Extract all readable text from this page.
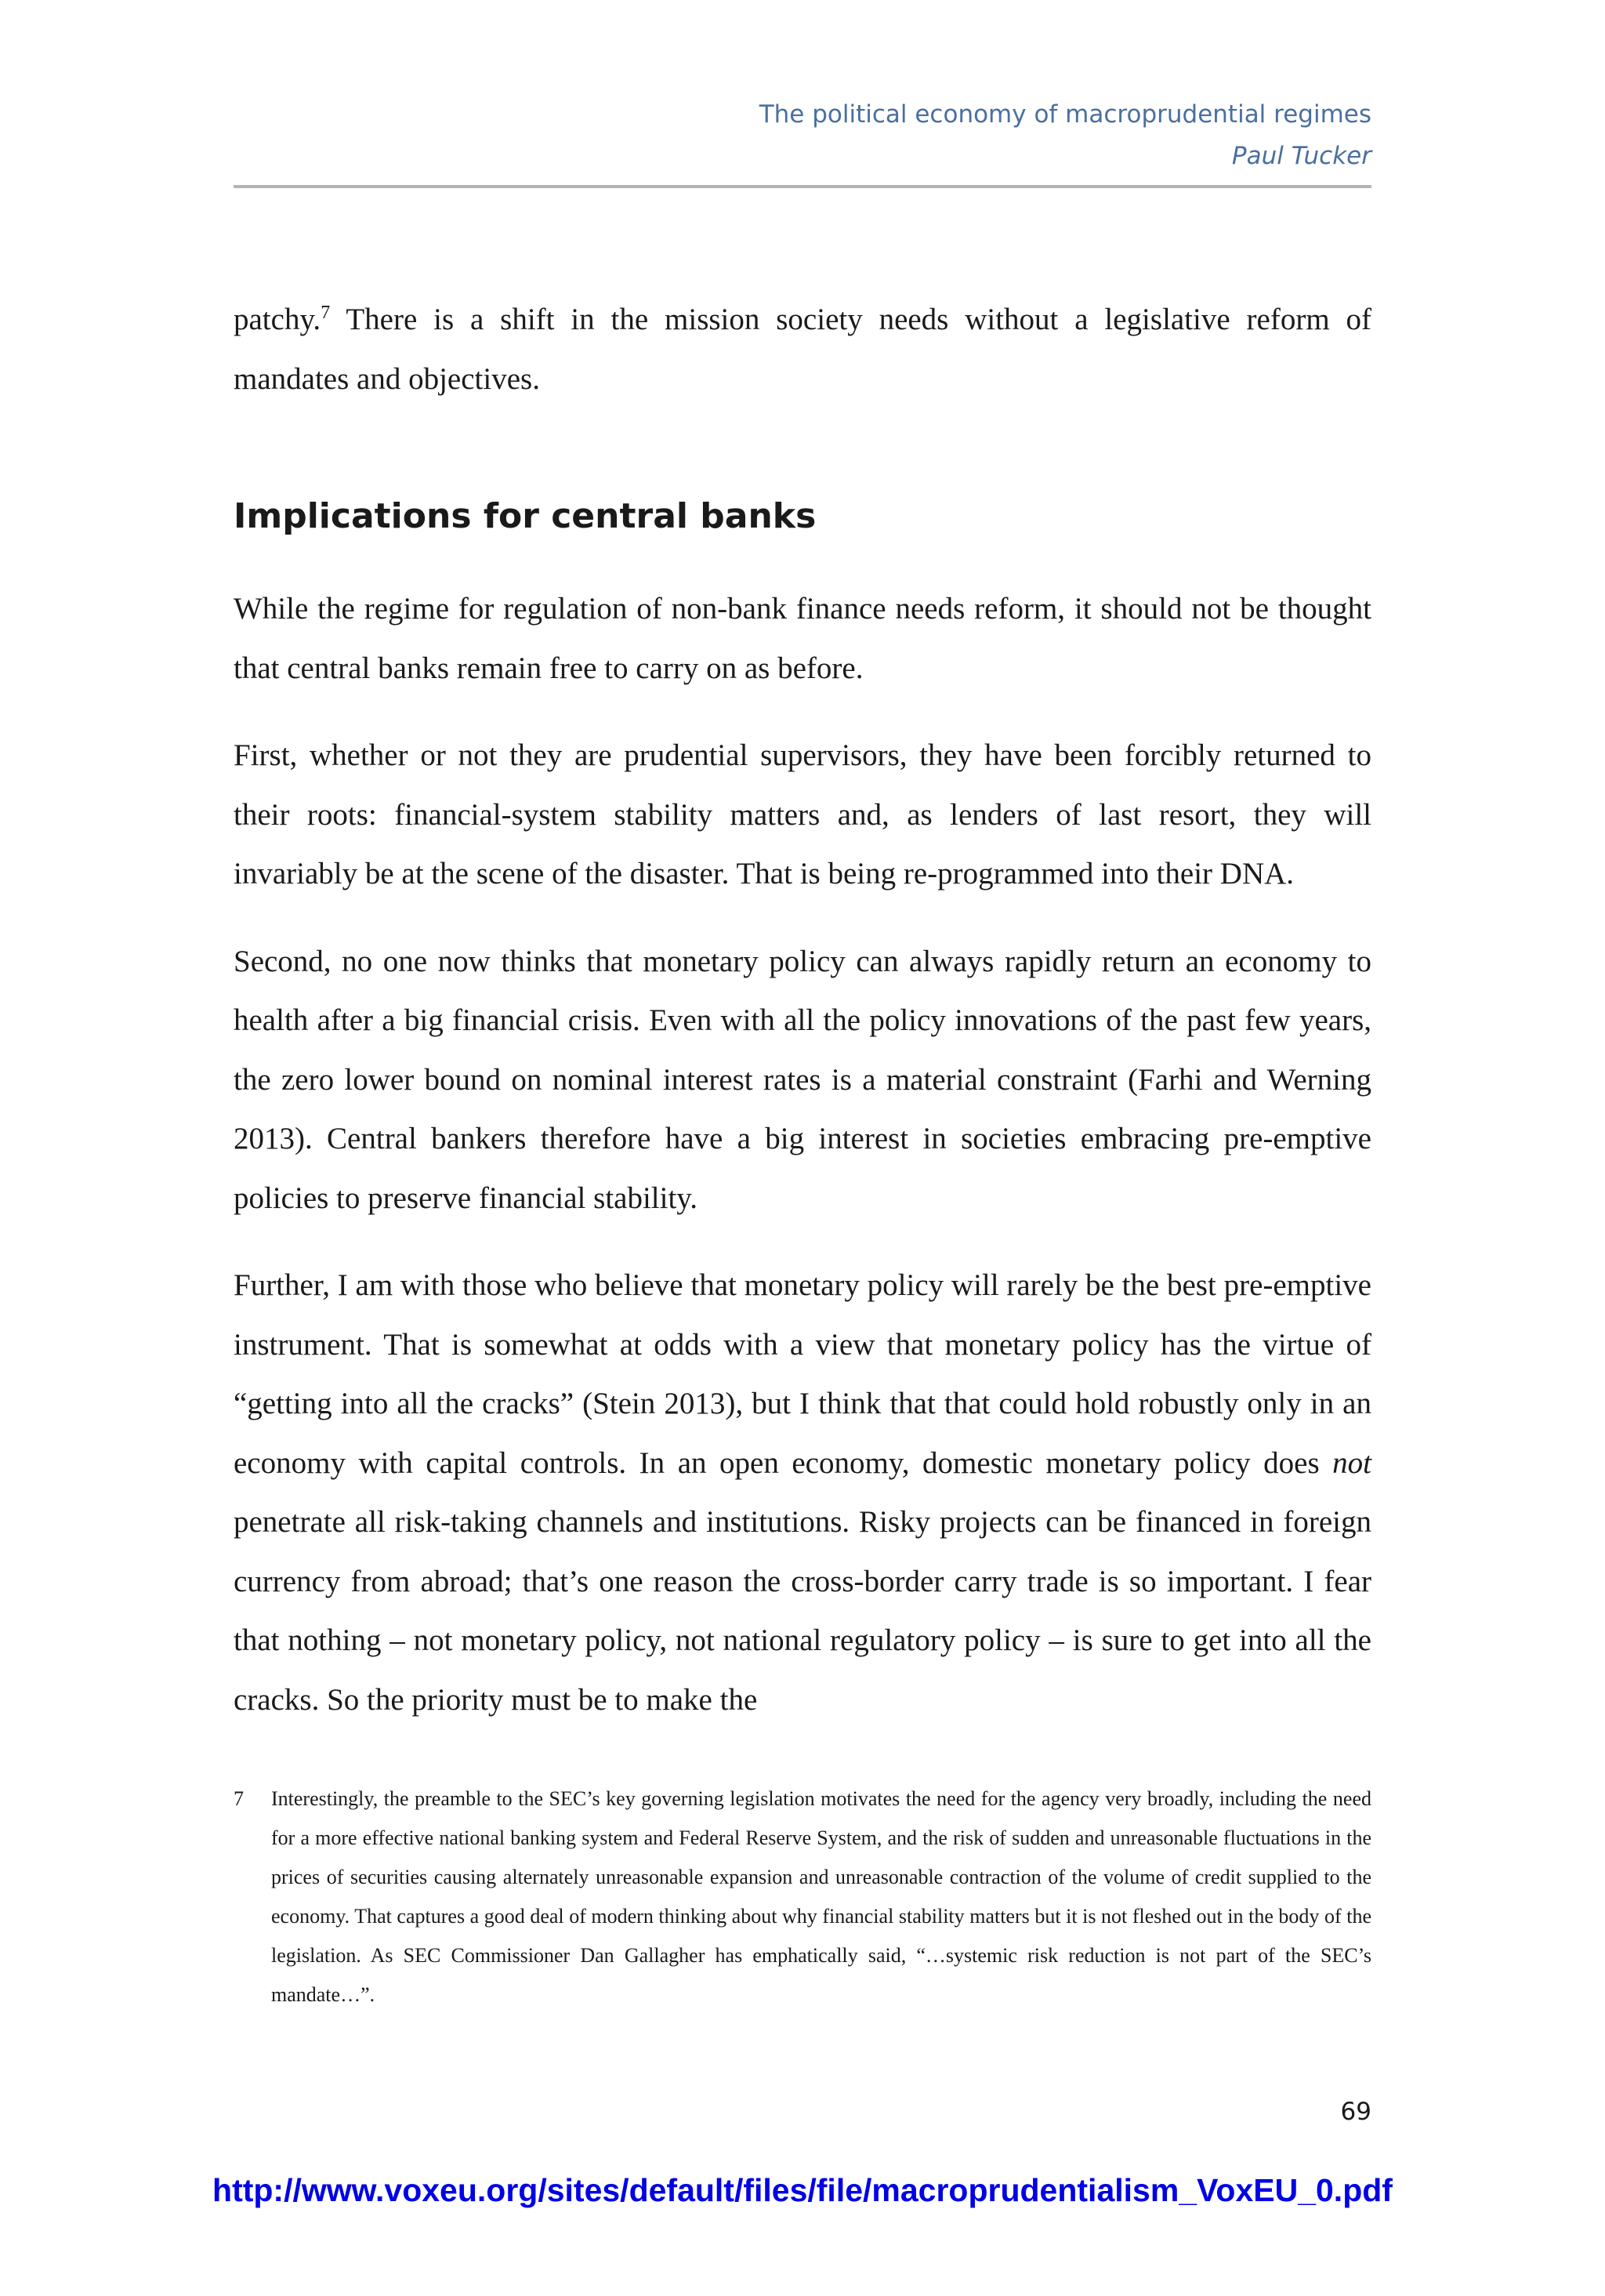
The political economy of macroprudential regimes
Paul Tucker

patchy.$^7$ There is a shift in the mission society needs without a legislative reform of mandates and objectives.

Implications for central banks

While the regime for regulation of non-bank finance needs reform, it should not be thought that central banks remain free to carry on as before.

First, whether or not they are prudential supervisors, they have been forcibly returned to their roots: financial-system stability matters and, as lenders of last resort, they will invariably be at the scene of the disaster. That is being re-programmed into their DNA.

Second, no one now thinks that monetary policy can always rapidly return an economy to health after a big financial crisis. Even with all the policy innovations of the past few years, the zero lower bound on nominal interest rates is a material constraint (Farhi and Werning 2013). Central bankers therefore have a big interest in societies embracing pre-emptive policies to preserve financial stability.

Further, I am with those who believe that monetary policy will rarely be the best pre-emptive instrument. That is somewhat at odds with a view that monetary policy has the virtue of “getting into all the cracks” (Stein 2013), but I think that that could hold robustly only in an economy with capital controls. In an open economy, domestic monetary policy does not penetrate all risk-taking channels and institutions. Risky projects can be financed in foreign currency from abroad; that’s one reason the cross-border carry trade is so important. I fear that nothing – not monetary policy, not national regulatory policy – is sure to get into all the cracks. So the priority must be to make the

7	Interestingly, the preamble to the SEC’s key governing legislation motivates the need for the agency very broadly, including the need for a more effective national banking system and Federal Reserve System, and the risk of sudden and unreasonable fluctuations in the prices of securities causing alternately unreasonable expansion and unreasonable contraction of the volume of credit supplied to the economy. That captures a good deal of modern thinking about why financial stability matters but it is not fleshed out in the body of the legislation. As SEC Commissioner Dan Gallagher has emphatically said, “…systemic risk reduction is not part of the SEC’s mandate…”.
69
http://www.voxeu.org/sites/default/files/file/macroprudentialism_VoxEU_0.pdf
